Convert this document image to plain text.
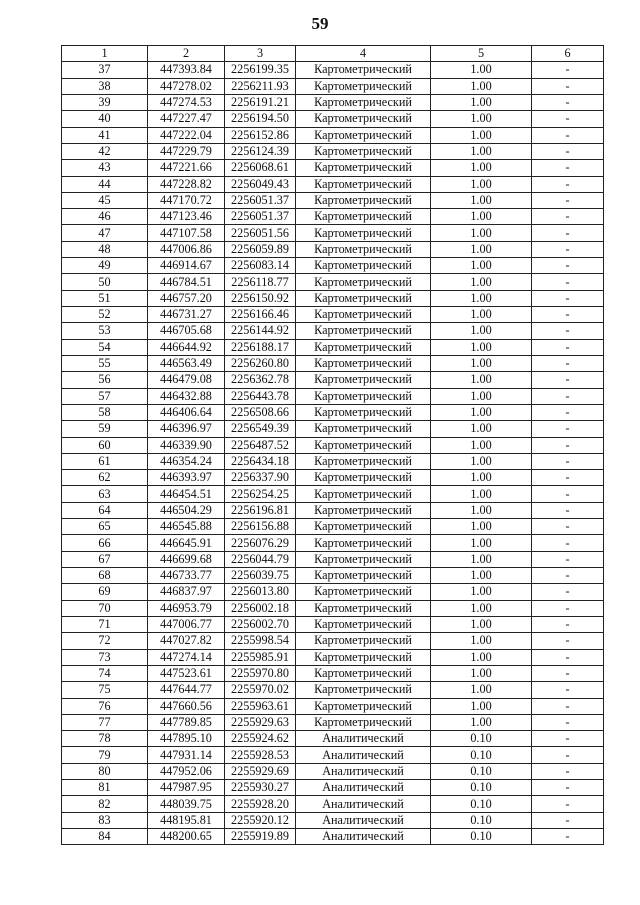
59
1	2	3	4	5	6
37	447393.84	2256199.35	Картометрический	1.00	-
38	447278.02	2256211.93	Картометрический	1.00	-
39	447274.53	2256191.21	Картометрический	1.00	-
40	447227.47	2256194.50	Картометрический	1.00	-
41	447222.04	2256152.86	Картометрический	1.00	-
42	447229.79	2256124.39	Картометрический	1.00	-
43	447221.66	2256068.61	Картометрический	1.00	-
44	447228.82	2256049.43	Картометрический	1.00	-
45	447170.72	2256051.37	Картометрический	1.00	-
46	447123.46	2256051.37	Картометрический	1.00	-
47	447107.58	2256051.56	Картометрический	1.00	-
48	447006.86	2256059.89	Картометрический	1.00	-
49	446914.67	2256083.14	Картометрический	1.00	-
50	446784.51	2256118.77	Картометрический	1.00	-
51	446757.20	2256150.92	Картометрический	1.00	-
52	446731.27	2256166.46	Картометрический	1.00	-
53	446705.68	2256144.92	Картометрический	1.00	-
54	446644.92	2256188.17	Картометрический	1.00	-
55	446563.49	2256260.80	Картометрический	1.00	-
56	446479.08	2256362.78	Картометрический	1.00	-
57	446432.88	2256443.78	Картометрический	1.00	-
58	446406.64	2256508.66	Картометрический	1.00	-
59	446396.97	2256549.39	Картометрический	1.00	-
60	446339.90	2256487.52	Картометрический	1.00	-
61	446354.24	2256434.18	Картометрический	1.00	-
62	446393.97	2256337.90	Картометрический	1.00	-
63	446454.51	2256254.25	Картометрический	1.00	-
64	446504.29	2256196.81	Картометрический	1.00	-
65	446545.88	2256156.88	Картометрический	1.00	-
66	446645.91	2256076.29	Картометрический	1.00	-
67	446699.68	2256044.79	Картометрический	1.00	-
68	446733.77	2256039.75	Картометрический	1.00	-
69	446837.97	2256013.80	Картометрический	1.00	-
70	446953.79	2256002.18	Картометрический	1.00	-
71	447006.77	2256002.70	Картометрический	1.00	-
72	447027.82	2255998.54	Картометрический	1.00	-
73	447274.14	2255985.91	Картометрический	1.00	-
74	447523.61	2255970.80	Картометрический	1.00	-
75	447644.77	2255970.02	Картометрический	1.00	-
76	447660.56	2255963.61	Картометрический	1.00	-
77	447789.85	2255929.63	Картометрический	1.00	-
78	447895.10	2255924.62	Аналитический	0.10	-
79	447931.14	2255928.53	Аналитический	0.10	-
80	447952.06	2255929.69	Аналитический	0.10	-
81	447987.95	2255930.27	Аналитический	0.10	-
82	448039.75	2255928.20	Аналитический	0.10	-
83	448195.81	2255920.12	Аналитический	0.10	-
84	448200.65	2255919.89	Аналитический	0.10	-
